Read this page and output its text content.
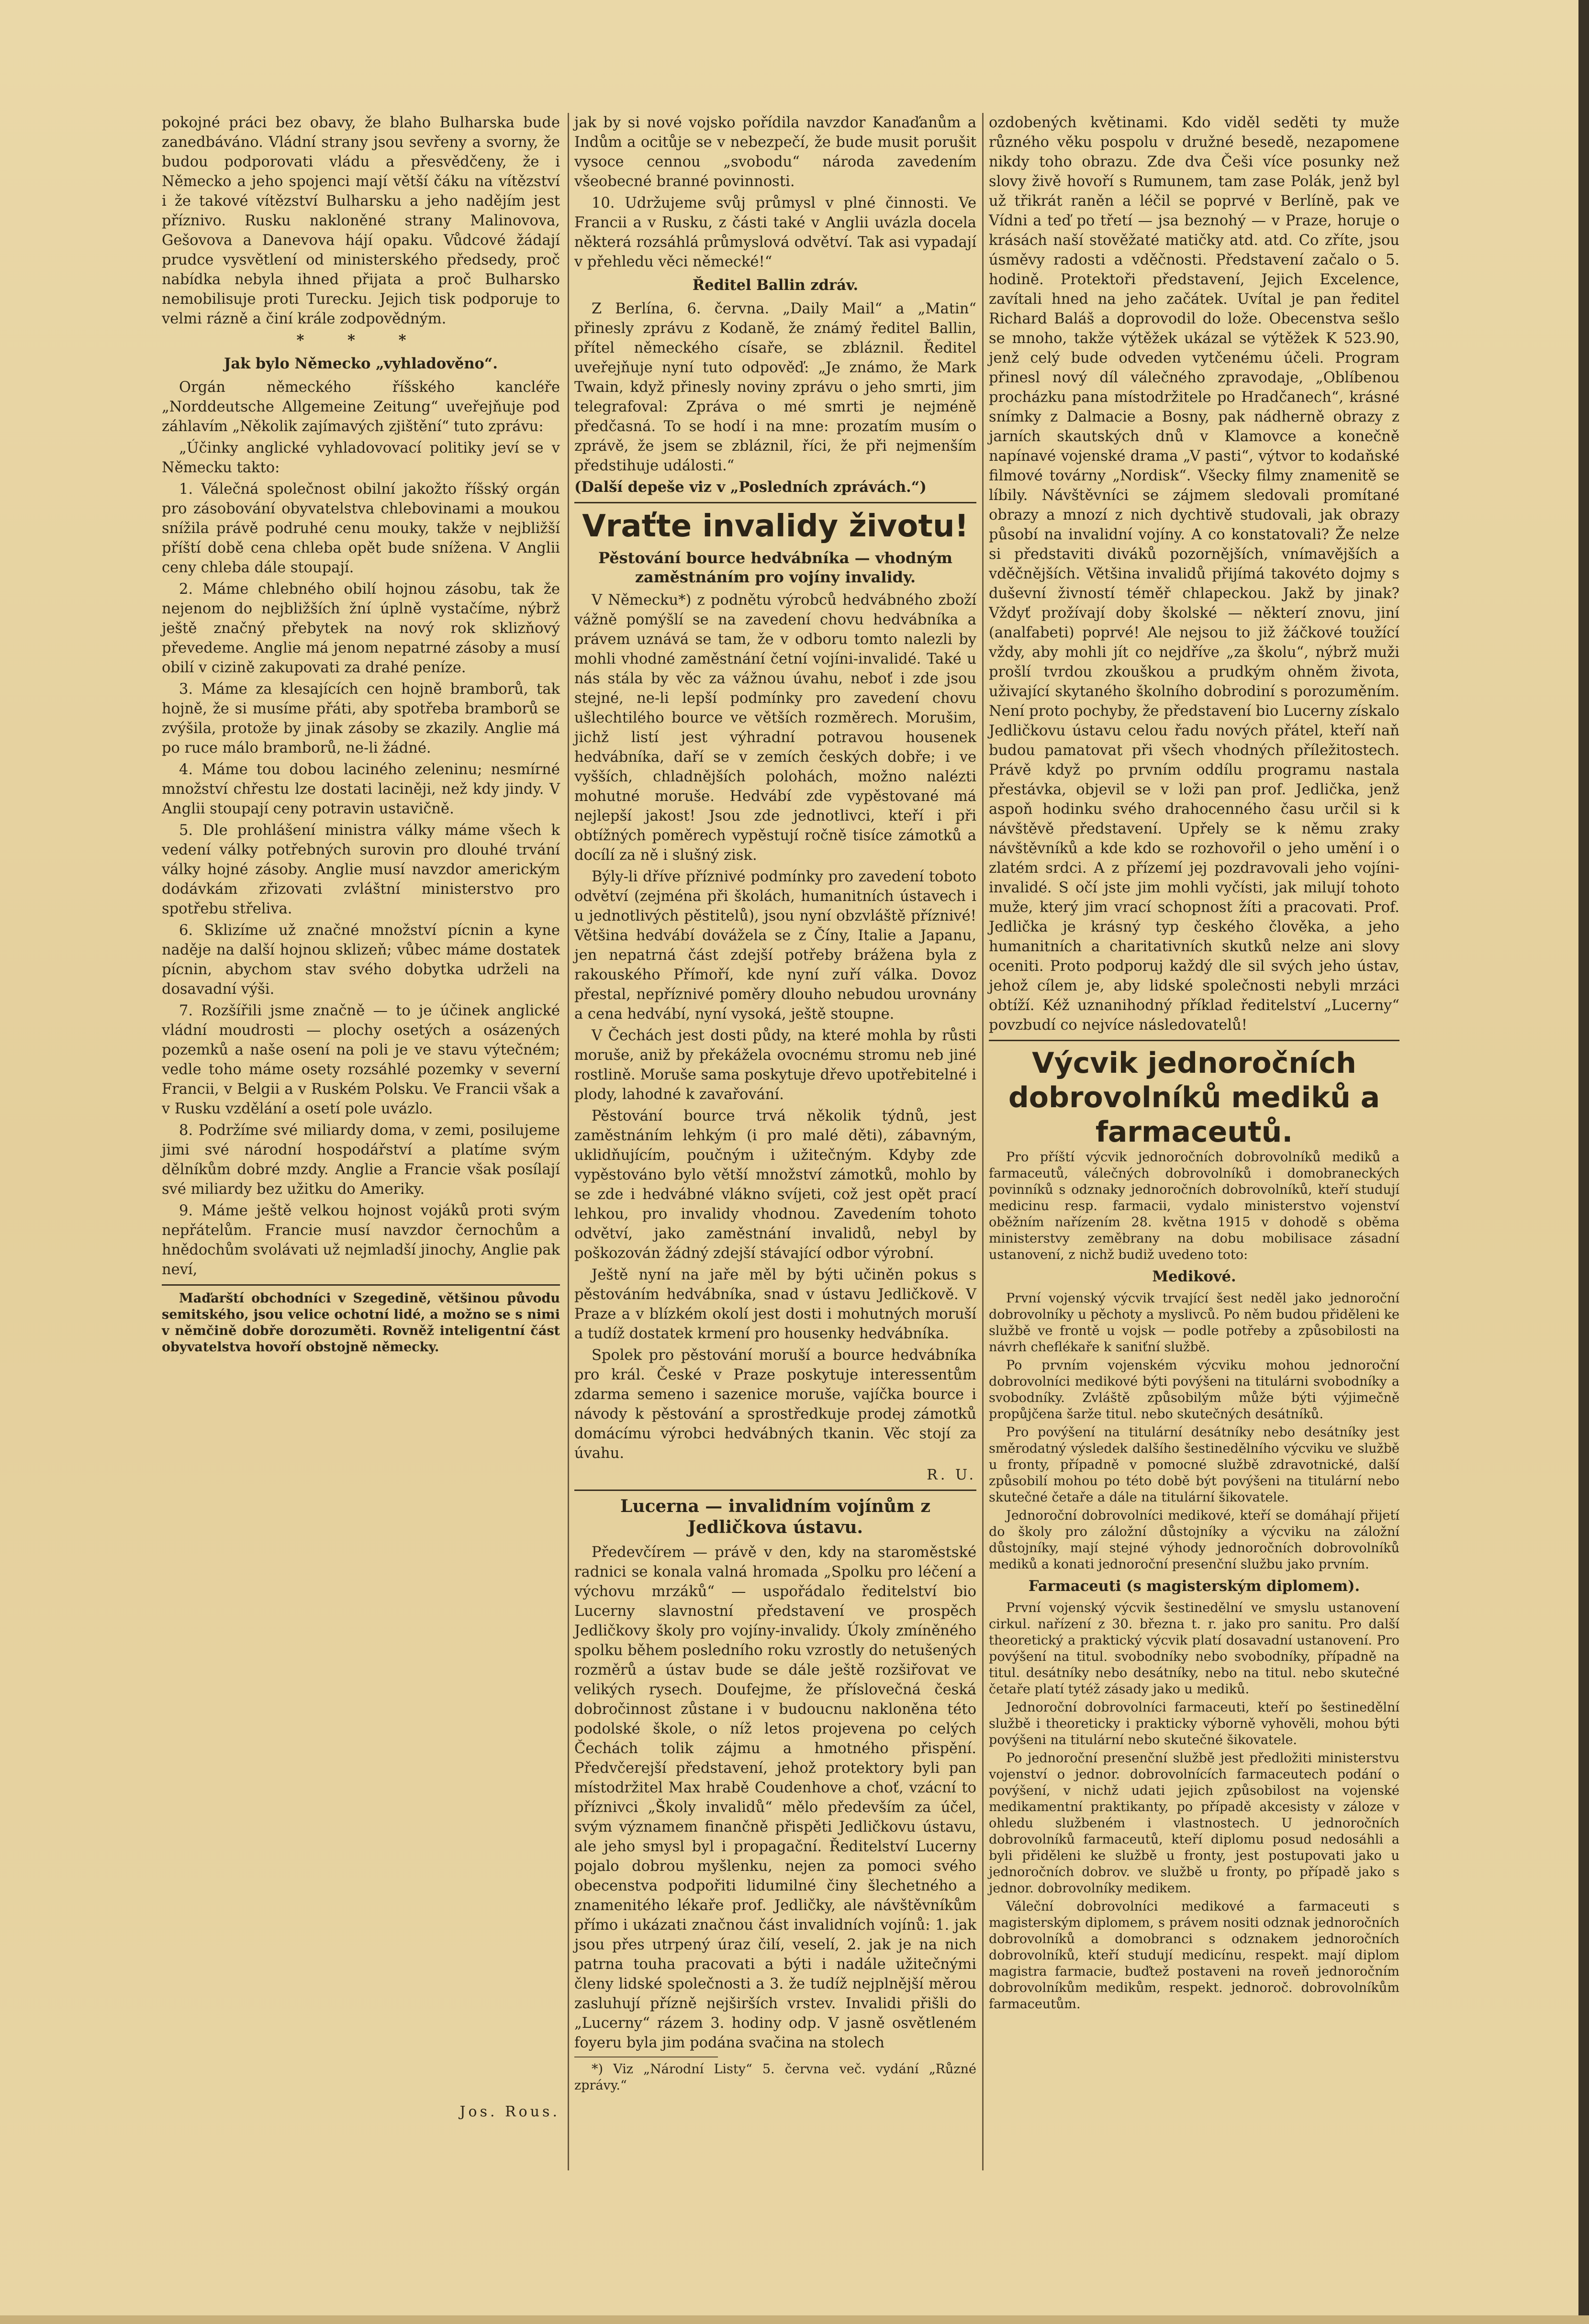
pokojné práci bez obavy, že blaho Bulharska bude zanedbáváno. Vládní strany jsou sevřeny a svorny, že budou podporovati vládu a přesvědčeny, že i Německo a jeho spojenci mají větší čáku na vítězství i že takové vítězství Bulharsku a jeho nadějím jest příznivo. Rusku nakloněné strany Malinovova, Gešovova a Danevova hájí opaku. Vůdcové žádají prudce vysvětlení od ministerského předsedy, proč nabídka nebyla ihned přijata a proč Bulharsko nemobilisuje proti Turecku. Jejich tisk podporuje to velmi rázně a činí krále zodpovědným.

* * *
Jak bylo Německo „vyhladověno“.

Orgán německého říšského kancléře „Norddeutsche Allgemeine Zeitung“ uveřejňuje pod záhlavím „Několik zajímavých zjištění“ tuto zprávu:

„Účinky anglické vyhladovovací politiky jeví se v Německu takto:

1. Válečná společnost obilní jakožto říšský orgán pro zásobování obyvatelstva chlebovinami a moukou snížila právě podruhé cenu mouky, takže v nejbližší příští době cena chleba opět bude snížena. V Anglii ceny chleba dále stoupají.

2. Máme chlebného obilí hojnou zásobu, tak že nejenom do nejbližších žní úplně vystačíme, nýbrž ještě značný přebytek na nový rok sklizňový převedeme. Anglie má jenom nepatrné zásoby a musí obilí v cizině zakupovati za drahé peníze.

3. Máme za klesajících cen hojně bramborů, tak hojně, že si musíme přáti, aby spotřeba bramborů se zvýšila, protože by jinak zásoby se zkazily. Anglie má po ruce málo bramborů, ne-li žádné.

4. Máme tou dobou laciného zeleninu; nesmírné množství chřestu lze dostati laciněji, než kdy jindy. V Anglii stoupají ceny potravin ustavičně.

5. Dle prohlášení ministra války máme všech k vedení války potřebných surovin pro dlouhé trvání války hojné zásoby. Anglie musí navzdor americkým dodávkám zřizovati zvláštní ministerstvo pro spotřebu střeliva.

6. Sklizíme už značné množství pícnin a kyne naděje na další hojnou sklizeň; vůbec máme dostatek pícnin, abychom stav svého dobytka udrželi na dosavadní výši.

7. Rozšířili jsme značně — to je účinek anglické vládní moudrosti — plochy osetých a osázených pozemků a naše osení na poli je ve stavu výtečném; vedle toho máme osety rozsáhlé pozemky v severní Francii, v Belgii a v Ruském Polsku. Ve Francii však a v Rusku vzdělání a osetí pole uvázlo.

8. Podržíme své miliardy doma, v zemi, posilujeme jimi své národní hospodářství a platíme svým dělníkům dobré mzdy. Anglie a Francie však posílají své miliardy bez užitku do Ameriky.

9. Máme ještě velkou hojnost vojáků proti svým nepřátelům. Francie musí navzdor černochům a hnědochům svolávati už nejmladší jinochy, Anglie pak neví,

Maďarští obchodníci v Szegedině, většinou původu semitského, jsou velice ochotní lidé, a možno se s nimi v němčině dobře dorozuměti. Rovněž inteligentní část obyvatelstva hovoří obstojně německy.

Jos. Rous.

jak by si nové vojsko pořídila navzdor Kanaďanům a Indům a ocitůje se v nebezpečí, že bude musit porušit vysoce cennou „svobodu“ národa zavedením všeobecné branné povinnosti.

10. Udržujeme svůj průmysl v plné činnosti. Ve Francii a v Rusku, z části také v Anglii uvázla docela některá rozsáhlá průmyslová odvětví. Tak asi vypadají v přehledu věci německé!“

Ředitel Ballin zdráv.

Z Berlína, 6. června. „Daily Mail“ a „Matin“ přinesly zprávu z Kodaně, že známý ředitel Ballin, přítel německého císaře, se zbláznil. Ředitel uveřejňuje nyní tuto odpověď: „Je známo, že Mark Twain, když přinesly noviny zprávu o jeho smrti, jim telegrafoval: Zpráva o mé smrti je nejméně předčasná. To se hodí i na mne: prozatím musím o zprávě, že jsem se zbláznil, říci, že při nejmenším předstihuje události.“

(Další depeše viz v „Posledních zprávách.“)

Vraťte invalidy životu!
Pěstování bource hedvábníka — vhodným zaměstnáním pro vojíny invalidy.

V Německu*) z podnětu výrobců hedvábného zboží vážně pomýšlí se na zavedení chovu hedvábníka a právem uznává se tam, že v odboru tomto nalezli by mohli vhodné zaměstnání četní vojíni-invalidé. Také u nás stála by věc za vážnou úvahu, neboť i zde jsou stejné, ne-li lepší podmínky pro zavedení chovu ušlechtilého bource ve větších rozměrech. Morušim, jichž listí jest výhradní potravou housenek hedvábníka, daří se v zemích českých dobře; i ve vyšších, chladnějších polohách, možno nalézti mohutné moruše. Hedvábí zde vypěstované má nejlepší jakost! Jsou zde jednotlivci, kteří i při obtížných poměrech vypěstují ročně tisíce zámotků a docílí za ně i slušný zisk.

Býly-li dříve příznivé podmínky pro zavedení toboto odvětví (zejména při školách, humanitních ústavech i u jednotlivých pěstitelů), jsou nyní obzvláště příznivé! Většina hedvábí dovážela se z Číny, Italie a Japanu, jen nepatrná část zdejší potřeby brážena byla z rakouského Přímoří, kde nyní zuří válka. Dovoz přestal, nepříznivé poměry dlouho nebudou urovnány a cena hedvábí, nyní vysoká, ještě stoupne.

V Čechách jest dosti půdy, na které mohla by růsti moruše, aniž by překážela ovocnému stromu neb jiné rostlině. Moruše sama poskytuje dřevo upotřebitelné i plody, lahodné k zavařování.

Pěstování bource trvá několik týdnů, jest zaměstnáním lehkým (i pro malé děti), zábavným, uklidňujícím, poučným i užitečným. Kdyby zde vypěstováno bylo větší množství zámotků, mohlo by se zde i hedvábné vlákno svíjeti, což jest opět prací lehkou, pro invalidy vhodnou. Zavedením tohoto odvětví, jako zaměstnání invalidů, nebyl by poškozován žádný zdejší stávající odbor výrobní.

Ještě nyní na jaře měl by býti učiněn pokus s pěstováním hedvábníka, snad v ústavu Jedličkově. V Praze a v blízkém okolí jest dosti i mohutných moruší a tudíž dostatek krmení pro housenky hedvábníka.

Spolek pro pěstování moruší a bource hedvábníka pro král. České v Praze poskytuje interessentům zdarma semeno i sazenice moruše, vajíčka bource i návody k pěstování a sprostředkuje prodej zámotků domácímu výrobci hedvábných tkanin. Věc stojí za úvahu.

R. U.
Lucerna — invalidním vojínům z Jedličkova ústavu.

Předevčírem — právě v den, kdy na staroměstské radnici se konala valná hromada „Spolku pro léčení a výchovu mrzáků“ — uspořádalo ředitelství bio Lucerny slavnostní představení ve prospěch Jedličkovy školy pro vojíny-invalidy. Úkoly zmíněného spolku během posledního roku vzrostly do netušených rozměrů a ústav bude se dále ještě rozšiřovat ve velikých rysech. Doufejme, že příslovečná česká dobročinnost zůstane i v budoucnu nakloněna této podolské škole, o níž letos projevena po celých Čechách tolik zájmu a hmotného přispění. Předvčerejší představení, jehož protektory byli pan místodržitel Max hrabě Coudenhove a choť, vzácní to příznivci „Školy invalidů“ mělo především za účel, svým významem finančně přispěti Jedličkovu ústavu, ale jeho smysl byl i propagační. Ředitelství Lucerny pojalo dobrou myšlenku, nejen za pomoci svého obecenstva podpořiti lidumilné činy šlechetného a znamenitého lékaře prof. Jedličky, ale návštěvníkům přímo i ukázati značnou část invalidních vojínů: 1. jak jsou přes utrpený úraz čilí, veselí, 2. jak je na nich patrna touha pracovati a býti i nadále užitečnými členy lidské společnosti a 3. že tudíž nejplnější měrou zasluhují přízně nejširších vrstev. Invalidi přišli do „Lucerny“ rázem 3. hodiny odp. V jasně osvětleném foyeru byla jim podána svačina na stolech

*) Viz „Národní Listy“ 5. června več. vydání „Různé zprávy.“

ozdobených květinami. Kdo viděl seděti ty muže různého věku pospolu v družné besedě, nezapomene nikdy toho obrazu. Zde dva Češi více posunky než slovy živě hovoří s Rumunem, tam zase Polák, jenž byl už třikrát raněn a léčil se poprvé v Berlíně, pak ve Vídni a teď po třetí — jsa beznohý — v Praze, horuje o krásách naší stověžaté matičky atd. atd. Co zříte, jsou úsměvy radosti a vděčnosti. Představení začalo o 5. hodině. Protektoři představení, Jejich Excelence, zavítali hned na jeho začátek. Uvítal je pan ředitel Richard Baláš a doprovodil do lože. Obecenstva sešlo se mnoho, takže výtěžek ukázal se výtěžek K 523.90, jenž celý bude odveden vytčenému účeli. Program přinesl nový díl válečného zpravodaje, „Oblíbenou procházku pana místodržitele po Hradčanech“, krásné snímky z Dalmacie a Bosny, pak nádherně obrazy z jarních skautských dnů v Klamovce a konečně napínavé vojenské drama „V pasti“, výtvor to kodaňské filmové továrny „Nordisk“. Všecky filmy znamenitě se líbily. Návštěvníci se zájmem sledovali promítané obrazy a mnozí z nich dychtivě studovali, jak obrazy působí na invalidní vojíny. A co konstatovali? Že nelze si představiti diváků pozornějších, vnímavějších a vděčnějších. Většina invalidů přijímá takovéto dojmy s duševní živností téměř chlapeckou. Jakž by jinak? Vždyť prožívají doby školské — některí znovu, jiní (analfabeti) poprvé! Ale nejsou to již žáčkové toužící vždy, aby mohli jít co nejdříve „za školu“, nýbrž muži prošlí tvrdou zkouškou a prudkým ohněm života, uživající skytaného školního dobrodiní s porozuměním. Není proto pochyby, že představení bio Lucerny získalo Jedličkovu ústavu celou řadu nových přátel, kteří naň budou pamatovat při všech vhodných příležitostech. Právě když po prvním oddílu programu nastala přestávka, objevil se v loži pan prof. Jedlička, jenž aspoň hodinku svého drahocenného času určil si k návštěvě představení. Upřely se k němu zraky návštěvníků a kde kdo se rozhovořil o jeho umění i o zlatém srdci. A z přízemí jej pozdravovali jeho vojíni-invalidé. S očí jste jim mohli vyčísti, jak milují tohoto muže, který jim vrací schopnost žíti a pracovati. Prof. Jedlička je krásný typ českého člověka, a jeho humanitních a charitativních skutků nelze ani slovy oceniti. Proto podporuj každý dle sil svých jeho ústav, jehož cílem je, aby lidské společnosti nebyli mrzáci obtíží. Kéž uznanihodný příklad ředitelství „Lucerny“ povzbudí co nejvíce následovatelů!

Výcvik jednoročních dobrovolníků mediků a farmaceutů.

Pro příští výcvik jednoročních dobrovolníků mediků a farmaceutů, válečných dobrovolníků i domobraneckých povinníků s odznaky jednoročních dobrovolníků, kteří studují medicinu resp. farmacii, vydalo ministerstvo vojenství oběžním nařízením 28. května 1915 v dohodě s oběma ministerstvy zeměbrany na dobu mobilisace zásadní ustanovení, z nichž budiž uvedeno toto:

Medikové.

První vojenský výcvik trvající šest neděl jako jednoroční dobrovolníky u pěchoty a myslivců. Po něm budou přiděleni ke službě ve frontě u vojsk — podle potřeby a způsobilosti na návrh cheflékaře k saniťní službě.

Po prvním vojenském výcviku mohou jednoroční dobrovolníci medikové býti povýšeni na titulárni svobodníky a svobodníky. Zvláště způsobilým může býti výjimečně propůjčena šarže titul. nebo skutečných desátníků.

Pro povýšení na titulární desátníky nebo desátníky jest směrodatný výsledek dalšího šestinedělního výcviku ve službě u fronty, případně v pomocné službě zdravotnické, další způsobilí mohou po této době být povýšeni na titulární nebo skutečné četaře a dále na titulární šikovatele.

Jednoroční dobrovolníci medikové, kteří se domáhají přijetí do školy pro záložní důstojníky a výcviku na záložní důstojníky, mají stejné výhody jednoročních dobrovolníků mediků a konati jednoroční presenční službu jako prvním.

Farmaceuti (s magisterským diplomem).

První vojenský výcvik šestinedělní ve smyslu ustanovení cirkul. nařízení z 30. března t. r. jako pro sanitu. Pro další theoretický a praktický výcvik platí dosavadní ustanovení. Pro povýšení na titul. svobodníky nebo svobodníky, případně na titul. desátníky nebo desátníky, nebo na titul. nebo skutečné četaře platí tytéž zásady jako u mediků.

Jednoroční dobrovolníci farmaceuti, kteří po šestinedělní službě i theoreticky i prakticky výborně vyhověli, mohou býti povýšeni na titulární nebo skutečné šikovatele.

Po jednoroční presenční službě jest předložiti ministerstvu vojenství o jednor. dobrovolnících farmaceutech podání o povýšení, v nichž udati jejich způsobilost na vojenské medikamentní praktikanty, po případě akcesisty v záloze v ohledu službeném i vlastnostech. U jednoročních dobrovolníků farmaceutů, kteří diplomu posud nedosáhli a byli přiděleni ke službě u fronty, jest postupovati jako u jednoročních dobrov. ve službě u fronty, po případě jako s jednor. dobrovolníky medikem.

Váleční dobrovolníci medikové a farmaceuti s magisterským diplomem, s právem nositi odznak jednoročních dobrovolníků a domobranci s odznakem jednoročních dobrovolníků, kteří studují medicínu, respekt. mají diplom magistra farmacie, buďtež postaveni na roveň jednoročním dobrovolníkům medikům, respekt. jednoroč. dobrovolníkům farmaceutům.
